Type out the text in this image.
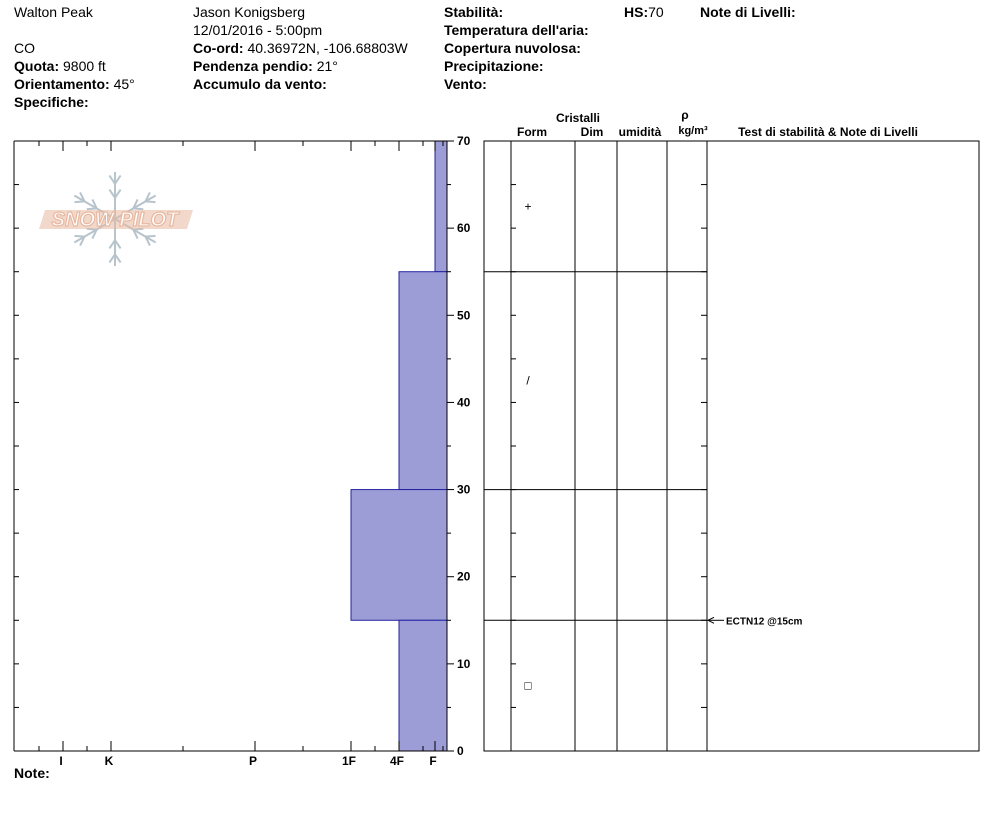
Walton Peak
CO
Quota: 9800 ft
Orientamento: 45°
Specifiche:
Jason Konigsberg
12/01/2016 - 5:00pm
Co-ord: 40.36972N, -106.68803W
Pendenza pendio: 21°
Accumulo da vento:
Stabilità:
Temperatura dell'aria:
Copertura nuvolosa:
Precipitazione:
Vento:
HS:70	Note di Livelli:
SNOW PILOT
0
10
20
30
40
50
60
70
I	K	P	1F	4F F
Cristalli
Form	Dim umidità
ρ
kg/m³	Test di stabilità & Note di Livelli
+
/
□
ECTN12 @15cm
Note:
